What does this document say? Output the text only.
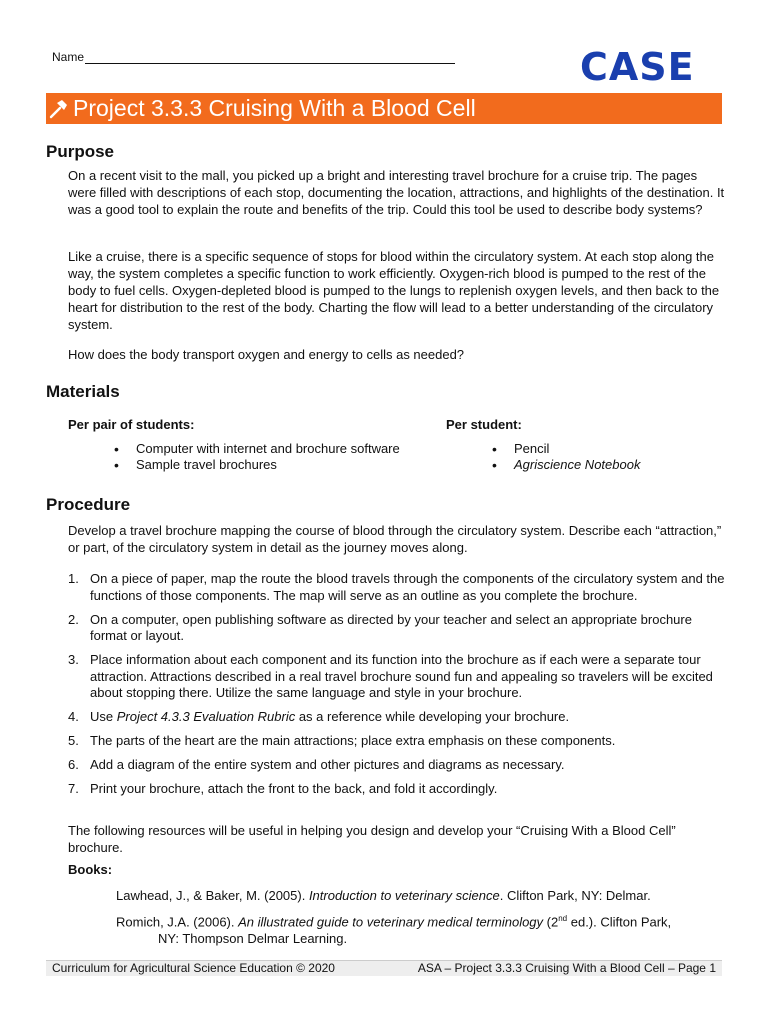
Name	CASE
Project 3.3.3 Cruising With a Blood Cell
Purpose

On a recent visit to the mall, you picked up a bright and interesting travel brochure for a cruise trip. The pages were filled with descriptions of each stop, documenting the location, attractions, and highlights of the destination. It was a good tool to explain the route and benefits of the trip. Could this tool be used to describe body systems?

Like a cruise, there is a specific sequence of stops for blood within the circulatory system. At each stop along the way, the system completes a specific function to work efficiently. Oxygen-rich blood is pumped to the rest of the body to fuel cells. Oxygen-depleted blood is pumped to the lungs to replenish oxygen levels, and then back to the heart for distribution to the rest of the body. Charting the flow will lead to a better understanding of the circulatory system.

How does the body transport oxygen and energy to cells as needed?

Materials
Per pair of students:
• Computer with internet and brochure software
• Sample travel brochures
Per student:
• Pencil
• Agriscience Notebook
Procedure

Develop a travel brochure mapping the course of blood through the circulatory system. Describe each “attraction,” or part, of the circulatory system in detail as the journey moves along.

1. On a piece of paper, map the route the blood travels through the components of the circulatory system and the functions of those components. The map will serve as an outline as you complete the brochure.
2. On a computer, open publishing software as directed by your teacher and select an appropriate brochure format or layout.
3. Place information about each component and its function into the brochure as if each were a separate tour attraction. Attractions described in a real travel brochure sound fun and appealing so travelers will be excited about stopping there. Utilize the same language and style in your brochure.
4. Use Project 4.3.3 Evaluation Rubric as a reference while developing your brochure.
5. The parts of the heart are the main attractions; place extra emphasis on these components.
6. Add a diagram of the entire system and other pictures and diagrams as necessary.
7. Print your brochure, attach the front to the back, and fold it accordingly.

The following resources will be useful in helping you design and develop your “Cruising With a Blood Cell” brochure.

Books:
Lawhead, J., & Baker, M. (2005). Introduction to veterinary science. Clifton Park, NY: Delmar.
Romich, J.A. (2006). An illustrated guide to veterinary medical terminology (2nd ed.). Clifton Park,
NY: Thompson Delmar Learning.
Curriculum for Agricultural Science Education © 2020	ASA – Project 3.3.3 Cruising With a Blood Cell – Page 1
